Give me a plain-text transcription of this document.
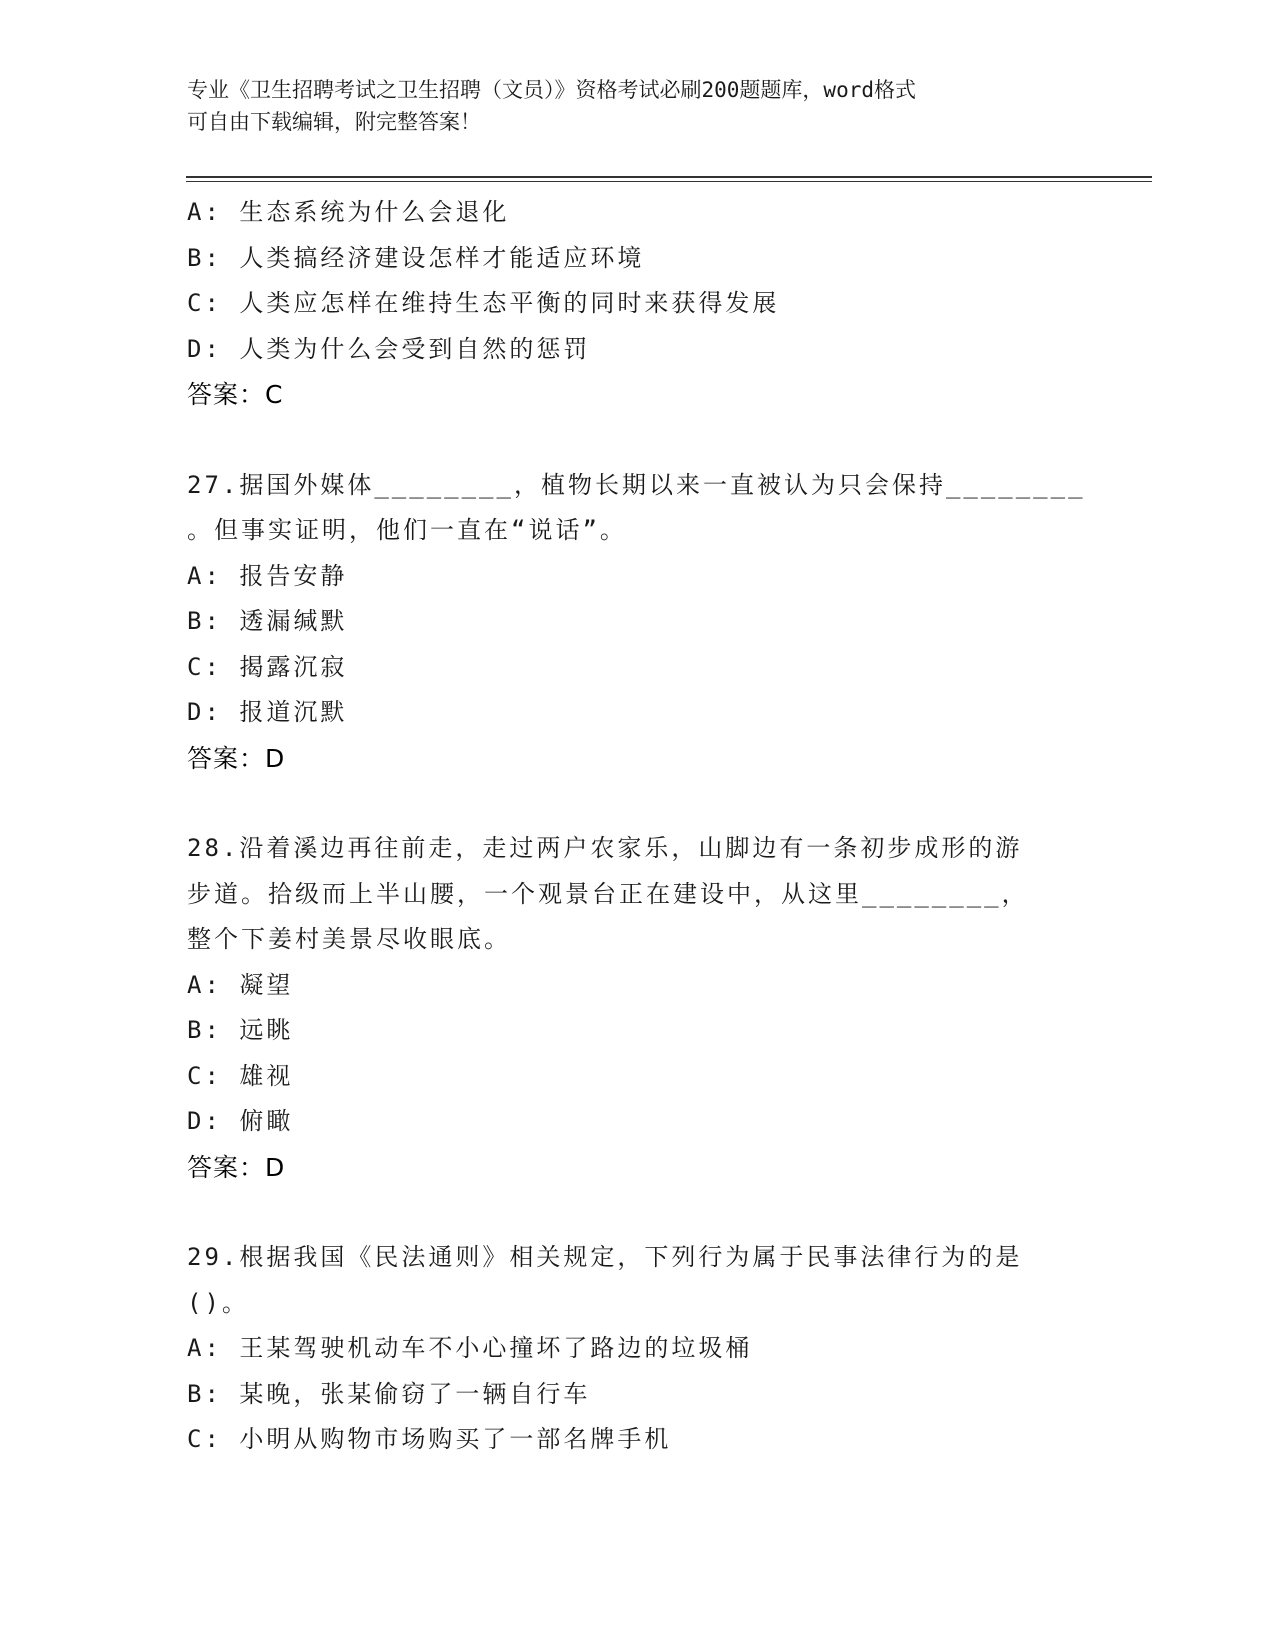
专业《卫生招聘考试之卫生招聘（文员）》资格考试必刷200题题库，word格式
可自由下载编辑，附完整答案！
A: 生态系统为什么会退化
B: 人类搞经济建设怎样才能适应环境
C: 人类应怎样在维持生态平衡的同时来获得发展
D: 人类为什么会受到自然的惩罚
答案：C
27.据国外媒体________，植物长期以来一直被认为只会保持________
。但事实证明，他们一直在“说话”。
A: 报告安静
B: 透漏缄默
C: 揭露沉寂
D: 报道沉默
答案：D
28.沿着溪边再往前走，走过两户农家乐，山脚边有一条初步成形的游
步道。拾级而上半山腰，一个观景台正在建设中，从这里________，
整个下姜村美景尽收眼底。
A: 凝望
B: 远眺
C: 雄视
D: 俯瞰
答案：D
29.根据我国《民法通则》相关规定，下列行为属于民事法律行为的是
()。
A: 王某驾驶机动车不小心撞坏了路边的垃圾桶
B: 某晚，张某偷窃了一辆自行车
C: 小明从购物市场购买了一部名牌手机
